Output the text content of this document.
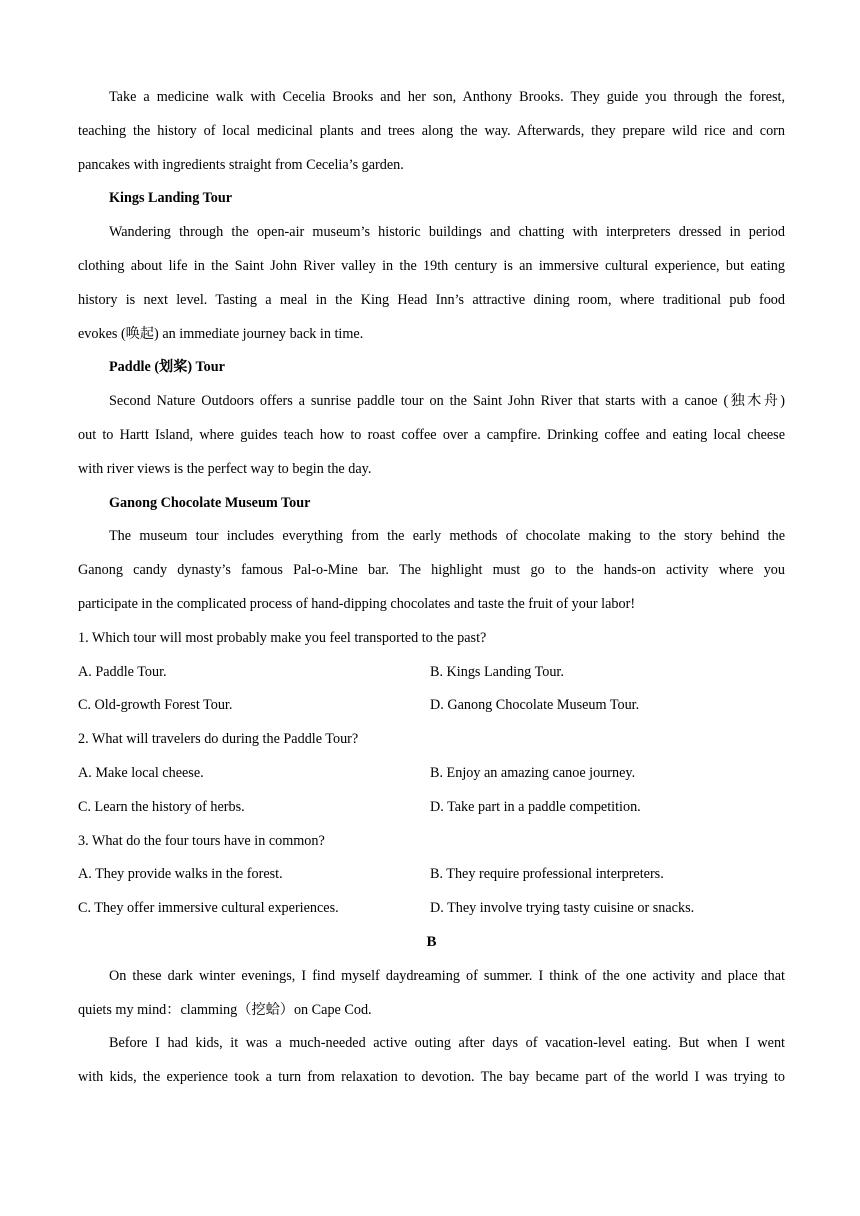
Take a medicine walk with Cecelia Brooks and her son, Anthony Brooks. They guide you through the forest,
teaching the history of local medicinal plants and trees along the way. Afterwards, they prepare wild rice and corn
pancakes with ingredients straight from Cecelia’s garden.
Kings Landing Tour
Wandering through the open-air museum’s historic buildings and chatting with interpreters dressed in period
clothing about life in the Saint John River valley in the 19th century is an immersive cultural experience, but eating
history is next level. Tasting a meal in the King Head Inn’s attractive dining room, where traditional pub food
evokes (唤起) an immediate journey back in time.
Paddle (划桨) Tour
Second Nature Outdoors offers a sunrise paddle tour on the Saint John River that starts with a canoe (独木舟)
out to Hartt Island, where guides teach how to roast coffee over a campfire. Drinking coffee and eating local cheese
with river views is the perfect way to begin the day.
Ganong Chocolate Museum Tour
The museum tour includes everything from the early methods of chocolate making to the story behind the
Ganong candy dynasty’s famous Pal-o-Mine bar. The highlight must go to the hands-on activity where you
participate in the complicated process of hand-dipping chocolates and taste the fruit of your labor!
1. Which tour will most probably make you feel transported to the past?
A. Paddle Tour.	B. Kings Landing Tour.
C. Old-growth Forest Tour.	D. Ganong Chocolate Museum Tour.
2. What will travelers do during the Paddle Tour?
A. Make local cheese.	B. Enjoy an amazing canoe journey.
C. Learn the history of herbs.	D. Take part in a paddle competition.
3. What do the four tours have in common?
A. They provide walks in the forest.	B. They require professional interpreters.
C. They offer immersive cultural experiences.	D. They involve trying tasty cuisine or snacks.
B
On these dark winter evenings, I find myself daydreaming of summer. I think of the one activity and place that
quiets my mind：clamming（挖蛤）on Cape Cod.
Before I had kids, it was a much-needed active outing after days of vacation-level eating. But when I went
with kids, the experience took a turn from relaxation to devotion. The bay became part of the world I was trying to
